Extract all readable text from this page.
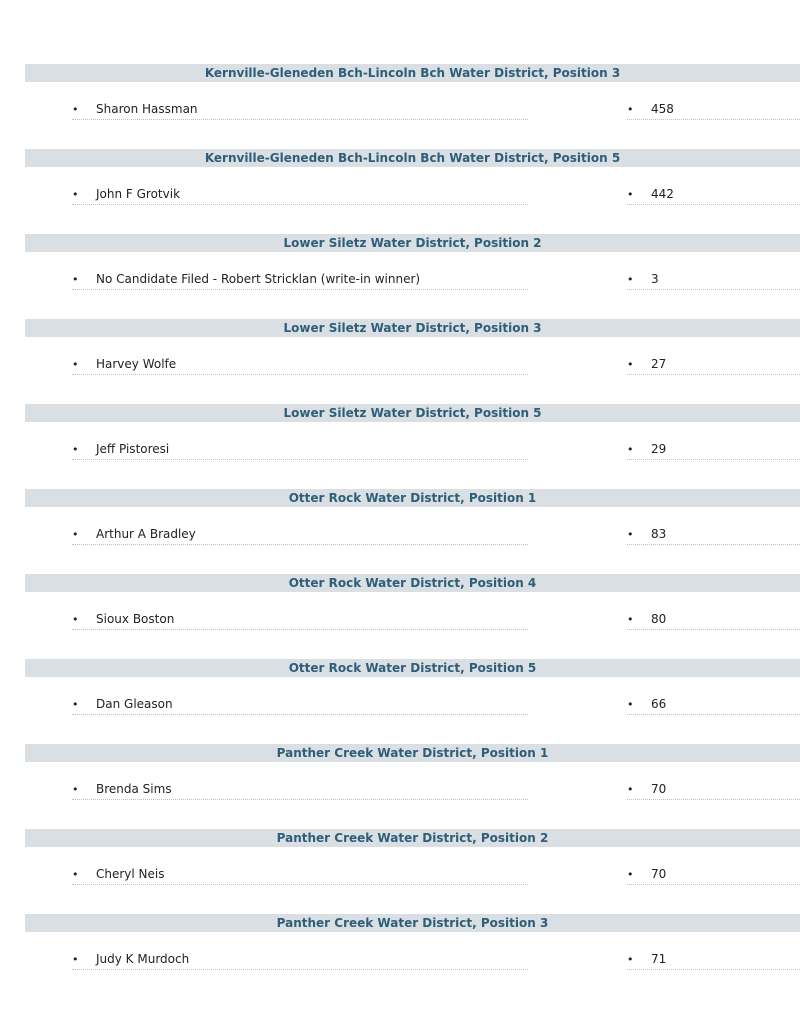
Kernville-Gleneden Bch-Lincoln Bch Water District, Position 3
• Sharon Hassman	• 458
Kernville-Gleneden Bch-Lincoln Bch Water District, Position 5
• John F Grotvik	• 442
Lower Siletz Water District, Position 2
• No Candidate Filed - Robert Stricklan (write-in winner)	• 3
Lower Siletz Water District, Position 3
• Harvey Wolfe	• 27
Lower Siletz Water District, Position 5
• Jeff Pistoresi	• 29
Otter Rock Water District, Position 1
• Arthur A Bradley	• 83
Otter Rock Water District, Position 4
• Sioux Boston	• 80
Otter Rock Water District, Position 5
• Dan Gleason	• 66
Panther Creek Water District, Position 1
• Brenda Sims	• 70
Panther Creek Water District, Position 2
• Cheryl Neis	• 70
Panther Creek Water District, Position 3
• Judy K Murdoch	• 71
